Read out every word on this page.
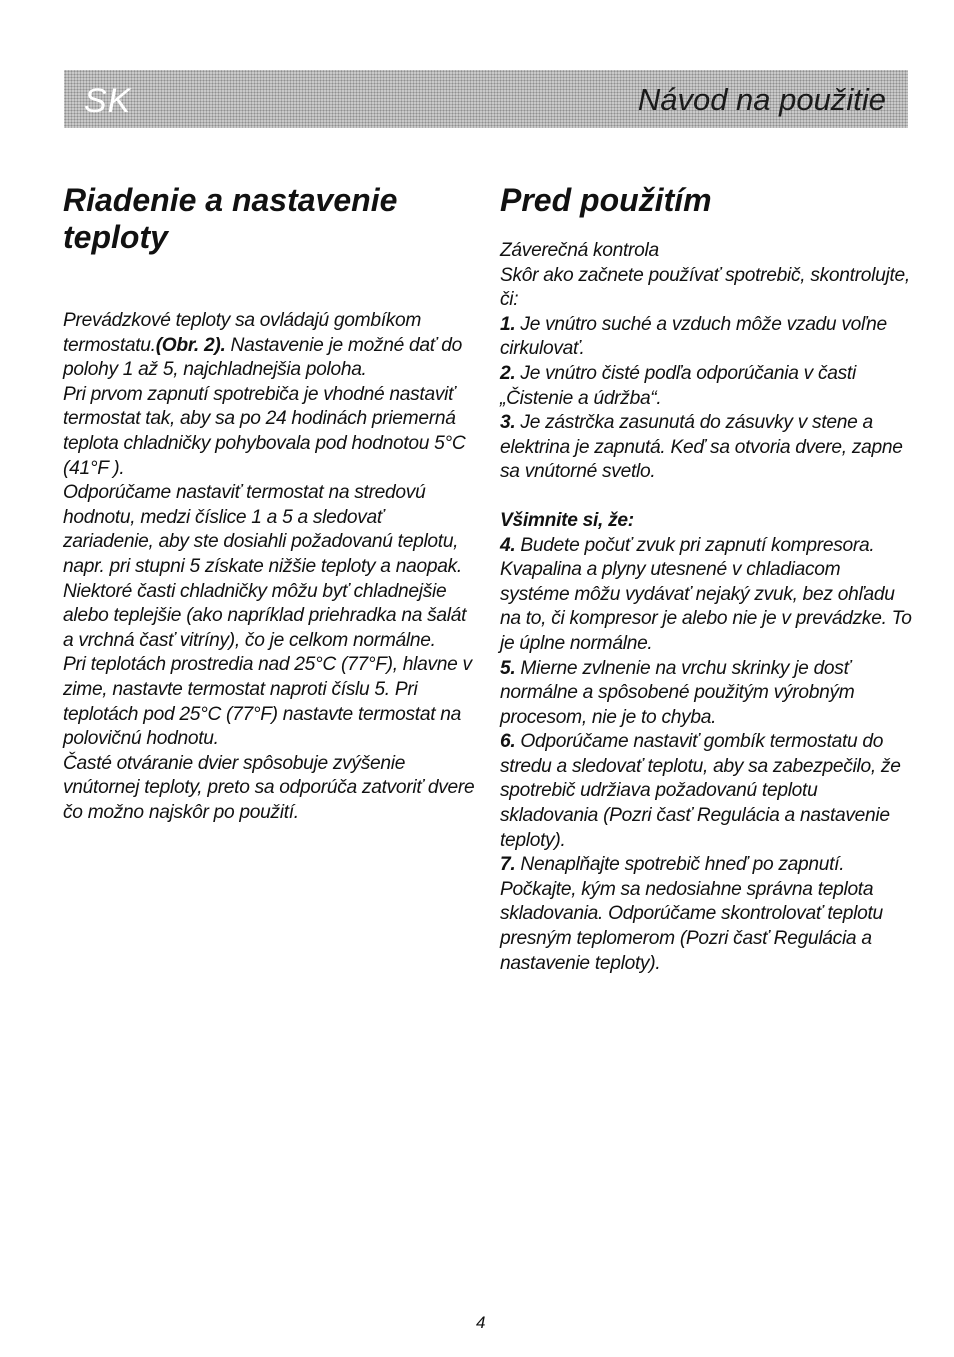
SK	Návod na použitie
Riadenie a nastavenie
teploty
Prevádzkové teploty sa ovládajú gombíkom termostatu.(Obr. 2). Nastavenie je možné dať do polohy 1 až 5, najchladnejšia poloha.
Pri prvom zapnutí spotrebiča je vhodné nastaviť termostat tak, aby sa po 24 hodinách priemerná teplota chladničky pohybovala pod hodnotou 5°C (41°F ).
Odporúčame nastaviť termostat na stredovú hodnotu, medzi číslice 1 a 5 a sledovať zariadenie, aby ste dosiahli požadovanú teplotu, napr. pri stupni 5 získate nižšie teploty a naopak.
Niektoré časti chladničky môžu byť chladnejšie alebo teplejšie (ako napríklad priehradka na šalát a vrchná časť vitríny), čo je celkom normálne.
Pri teplotách prostredia nad 25°C (77°F), hlavne v zime, nastavte termostat naproti číslu 5. Pri teplotách pod 25°C (77°F) nastavte termostat na polovičnú hodnotu.
Časté otváranie dvier spôsobuje zvýšenie vnútornej teploty, preto sa odporúča zatvoriť dvere čo možno najskôr po použití.
Pred použitím
Záverečná kontrola
Skôr ako začnete používať spotrebič, skontrolujte, či:
1. Je vnútro suché a vzduch môže vzadu voľne cirkulovať.
2. Je vnútro čisté podľa odporúčania v časti „Čistenie a údržba“.
3. Je zástrčka zasunutá do zásuvky v stene a elektrina je zapnutá. Keď sa otvoria dvere, zapne sa vnútorné svetlo.
Všimnite si, že:
4. Budete počuť zvuk pri zapnutí kompresora. Kvapalina a plyny utesnené v chladiacom systéme môžu vydávať nejaký zvuk, bez ohľadu na to, či kompresor je alebo nie je v prevádzke. To je úplne normálne.
5. Mierne zvlnenie na vrchu skrinky je dosť normálne a spôsobené použitým výrobným procesom, nie je to chyba.
6. Odporúčame nastaviť gombík termostatu do stredu a sledovať teplotu, aby sa zabezpečilo, že spotrebič udržiava požadovanú teplotu skladovania (Pozri časť Regulácia a nastavenie teploty).
7. Nenaplňajte spotrebič hneď po zapnutí. Počkajte, kým sa nedosiahne správna teplota skladovania. Odporúčame skontrolovať teplotu presným teplomerom (Pozri časť Regulácia a nastavenie teploty).
4
